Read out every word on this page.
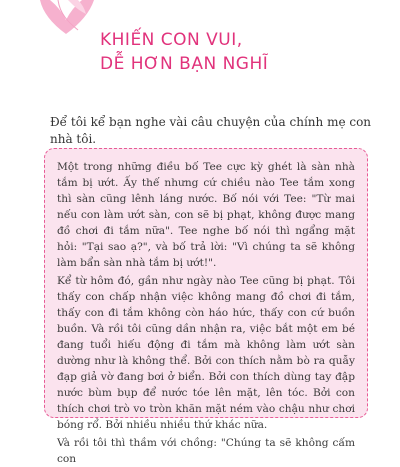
KHIẾN CON VUI,
DỄ HƠN BẠN NGHĨ
Để tôi kể bạn nghe vài câu chuyện của chính mẹ con nhà tôi.

Một trong những điều bố Tee cực kỳ ghét là sàn nhà tắm bị ướt. Ấy thế nhưng cứ chiều nào Tee tắm xong thì sàn cũng lênh láng nước. Bố nói với Tee: "Từ mai nếu con làm ướt sàn, con sẽ bị phạt, không được mang đồ chơi đi tắm nữa". Tee nghe bố nói thì ngẩng mặt hỏi: "Tại sao ạ?", và bố trả lời: "Vì chúng ta sẽ không làm bẩn sàn nhà tắm bị ướt!".

Kể từ hôm đó, gần như ngày nào Tee cũng bị phạt. Tôi thấy con chấp nhận việc không mang đồ chơi đi tắm, thấy con đi tắm không còn háo hức, thấy con cứ buồn buồn. Và rồi tôi cũng dần nhận ra, việc bắt một em bé đang tuổi hiếu động đi tắm mà không làm ướt sàn dường như là không thể. Bởi con thích nằm bò ra quẫy đạp giả vờ đang bơi ở biển. Bởi con thích dùng tay đập nước bùm bụp để nước tóe lên mặt, lên tóc. Bởi con thích chơi trò vo tròn khăn mặt ném vào chậu như chơi bóng rổ. Bởi nhiều nhiều thứ khác nữa.

Và rồi tôi thì thầm với chồng: "Chúng ta sẽ không cấm con
